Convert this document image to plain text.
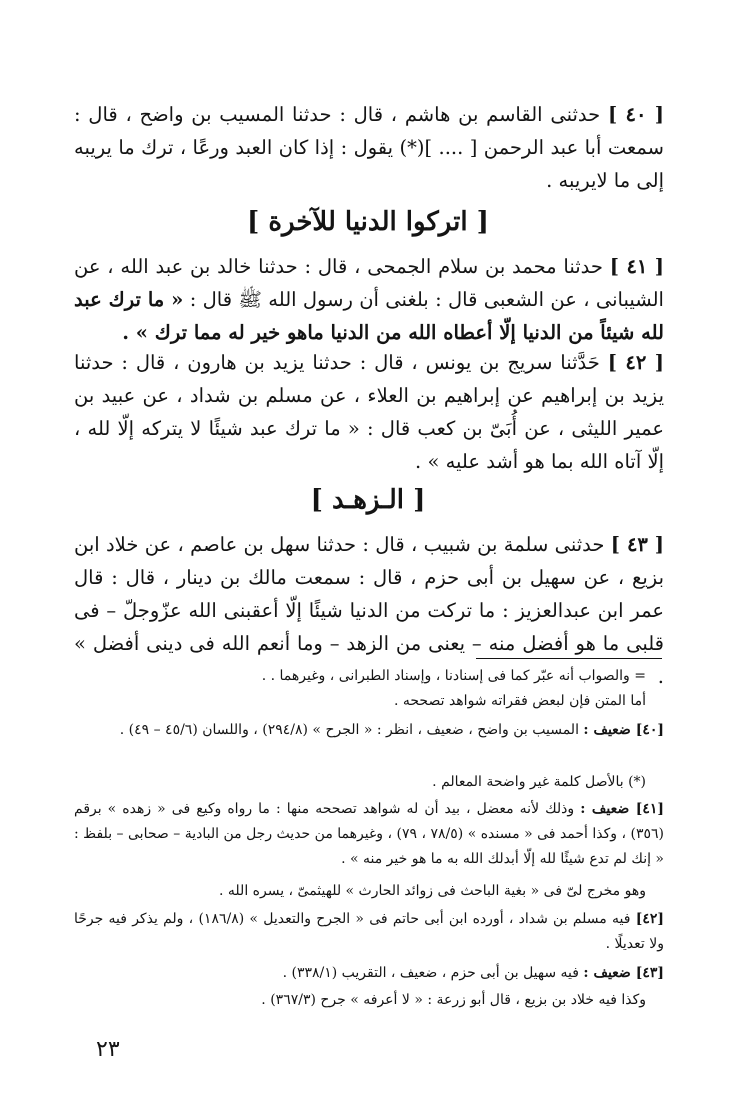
[ ٤٠ ] حدثنى القاسم بن هاشم ، قال : حدثنا المسيب بن واضح ، قال : سمعت أبا عبد الرحمن [ .... ](*) يقول : إذا كان العبد ورعًا ، ترك ما يريبه إلى ما لايريبه .

[ اتركوا الدنيا للآخرة ]

[ ٤١ ] حدثنا محمد بن سلام الجمحى ، قال : حدثنا خالد بن عبد الله ، عن الشيبانى ، عن الشعبى قال : بلغنى أن رسول الله ﷺ قال : « ما ترك عبد لله شيئاً من الدنيا إلّا أعطاه الله من الدنيا ماهو خير له مما ترك » .

[ ٤٢ ] حَدَّثنا سريج بن يونس ، قال : حدثنا يزيد بن هارون ، قال : حدثنا يزيد بن إبراهيم عن إبراهيم بن العلاء ، عن مسلم بن شداد ، عن عبيد بن عمير الليثى ، عن أُبَىّ بن كعب قال : « ما ترك عبد شيئًا لا يتركه إلّا لله ، إلّا آتاه الله بما هو أشد عليه » .

[ الـزهـد ]

[ ٤٣ ] حدثنى سلمة بن شبيب ، قال : حدثنا سهل بن عاصم ، عن خلاد ابن بزيع ، عن سهيل بن أبى حزم ، قال : سمعت مالك بن دينار ، قال : قال عمر ابن عبدالعزيز : ما تركت من الدنيا شيئًا إلّا أعقبنى الله عزّوجلّ – فى قلبى ما هو أفضل منه – يعنى من الزهد – وما أنعم الله فى دينى أفضل » .

= والصواب أنه عبّر كما فى إسنادنا ، وإسناد الطبرانى ، وغيرهما . .

أما المتن فإن لبعض فقراته شواهد تصححه .

[٤٠] ضعيف : المسيب بن واضح ، ضعيف ، انظر : « الجرح » (٢٩٤/٨) ، واللسان (٤٥/٦ – ٤٩) .

(*) بالأصل كلمة غير واضحة المعالم .

[٤١] ضعيف : وذلك لأنه معضل ، بيد أن له شواهد تصححه منها : ما رواه وكيع فى « زهده » برقم (٣٥٦) ، وكذا أحمد فى « مسنده » (٧٨/٥ ، ٧٩) ، وغيرهما من حديث رجل من البادية – صحابى – بلفظ : « إنك لم تدع شيئًا لله إلّا أبدلك الله به ما هو خير منه » .

وهو مخرج لىّ فى « بغية الباحث فى زوائد الحارث » للهيثمىّ ، يسره الله .

[٤٢] فيه مسلم بن شداد ، أورده ابن أبى حاتم فى « الجرح والتعديل » (١٨٦/٨) ، ولم يذكر فيه جرحًا ولا تعديلًا .

[٤٣] ضعيف : فيه سهيل بن أبى حزم ، ضعيف ، التقريب (٣٣٨/١) .

وكذا فيه خلاد بن بزيع ، قال أبو زرعة : « لا أعرفه » جرح (٣٦٧/٣) .

٢٣
